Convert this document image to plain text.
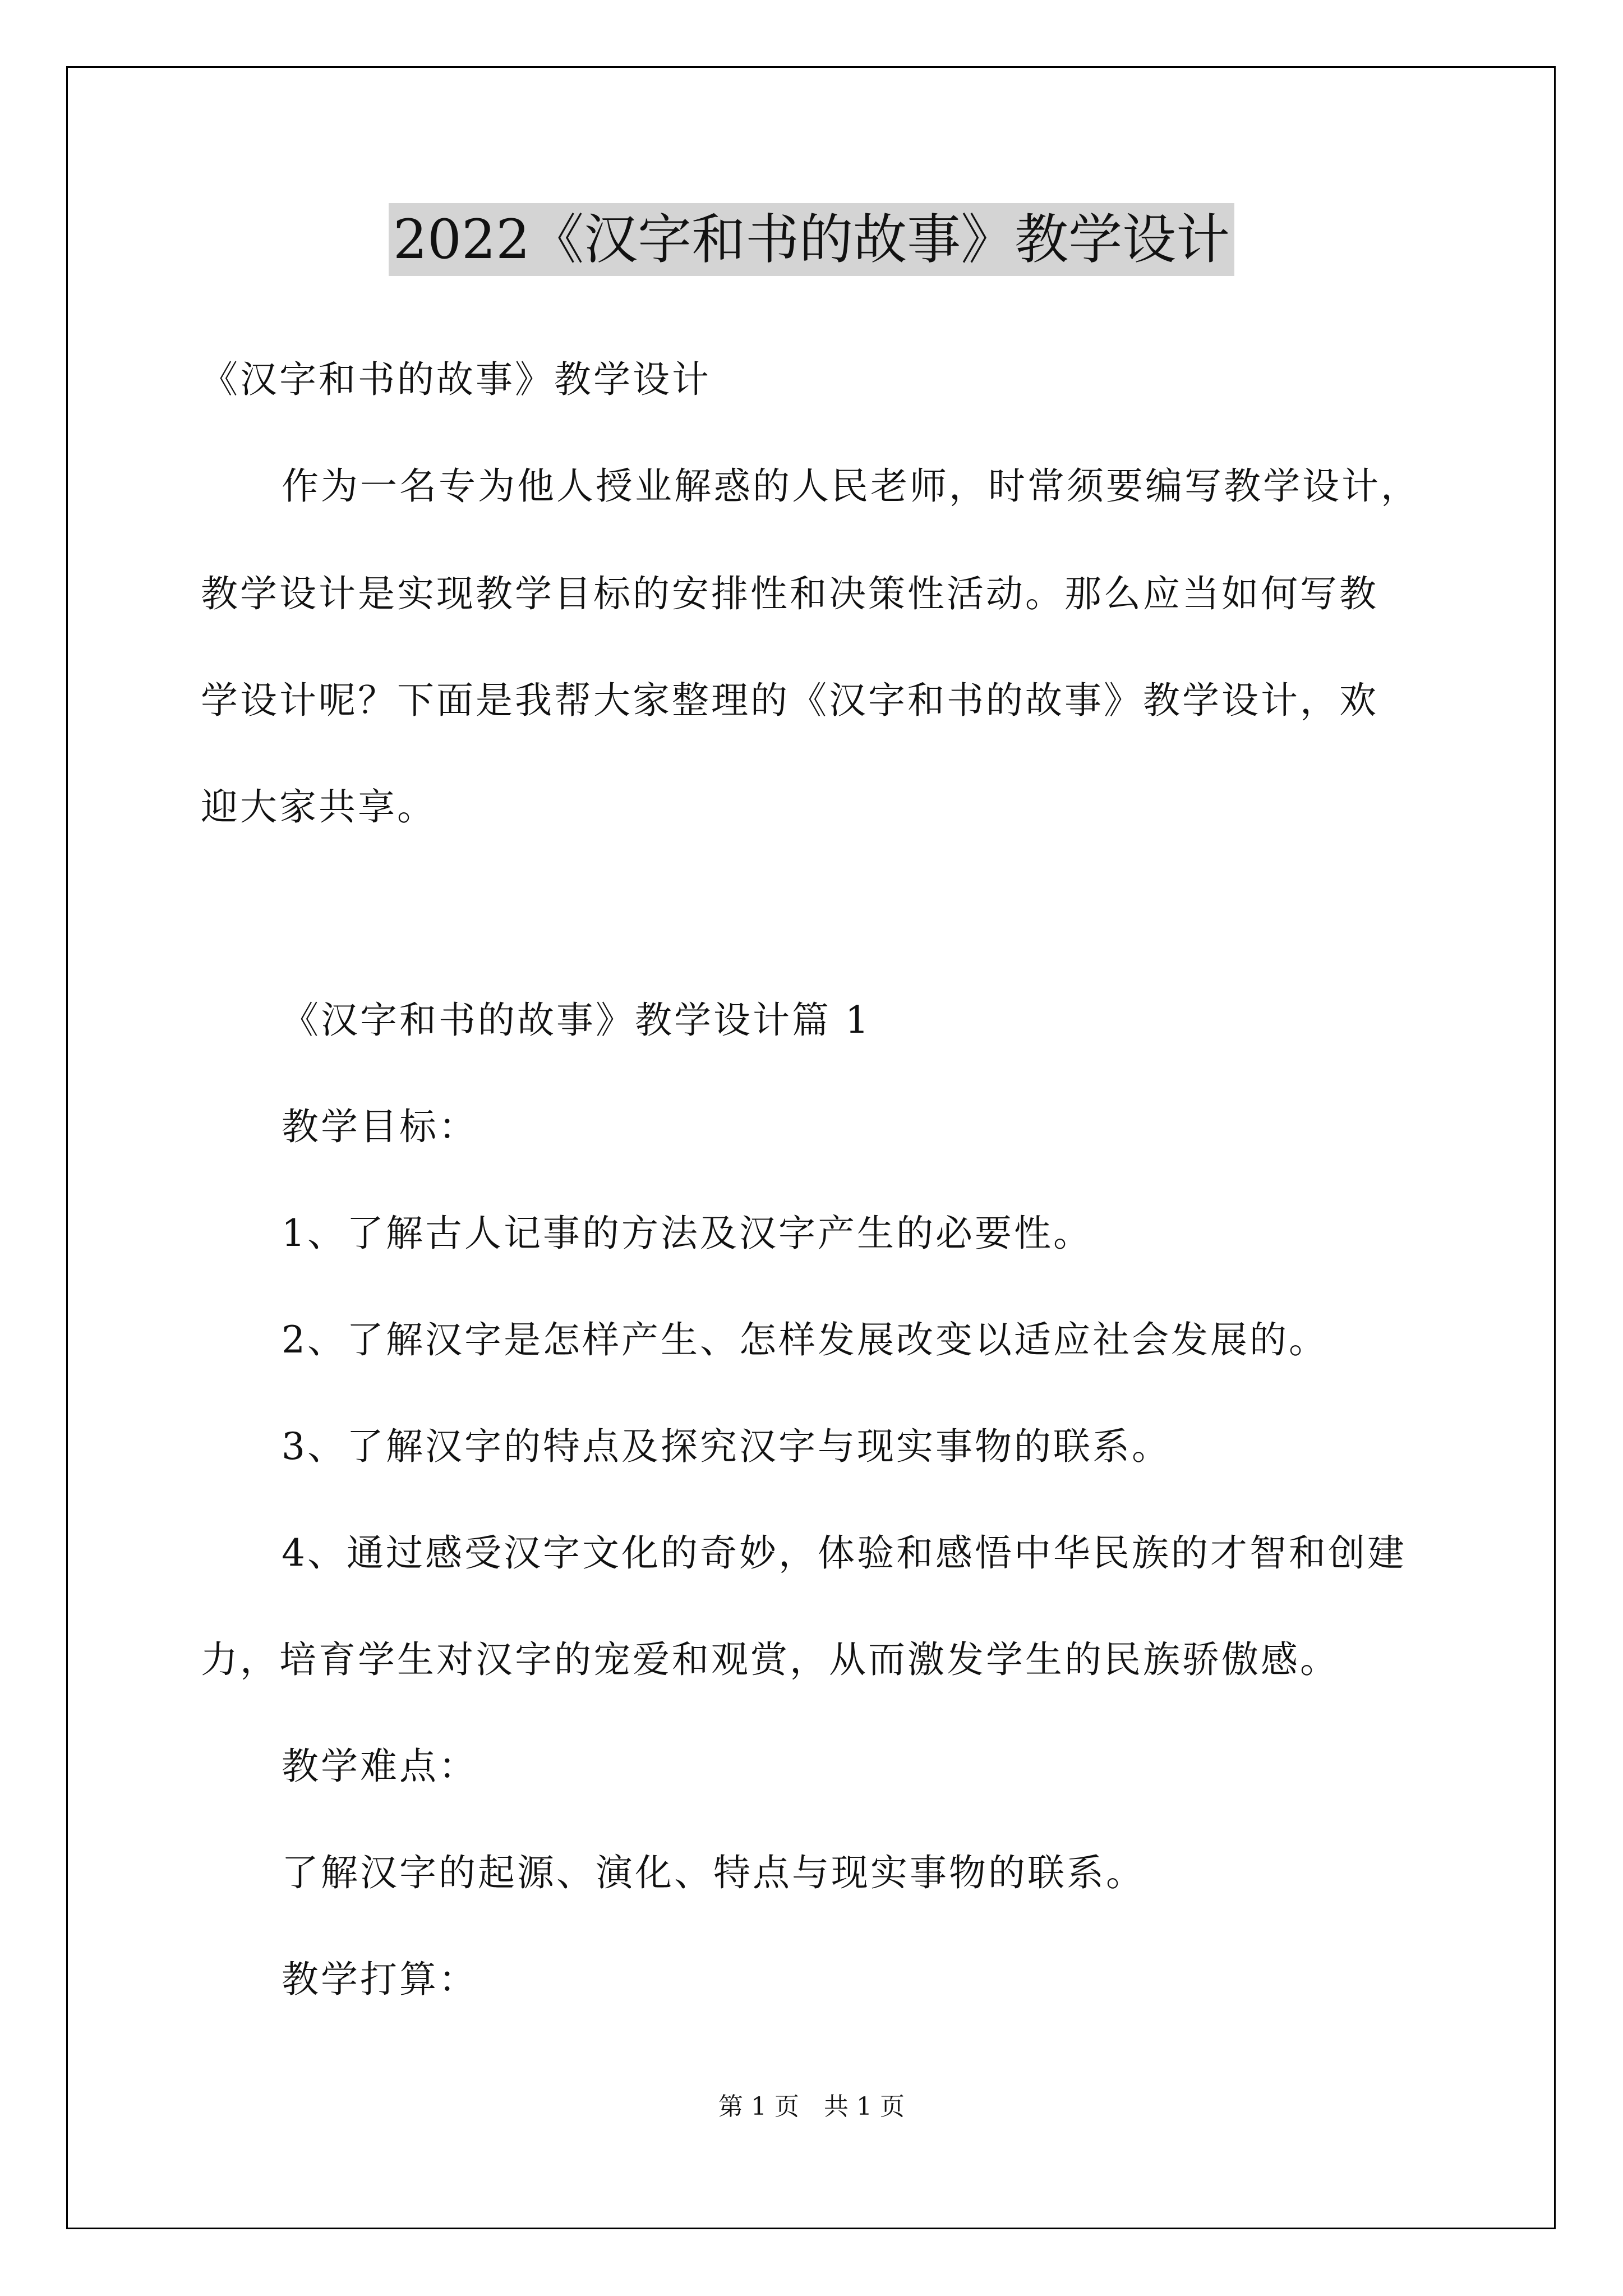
2022《汉字和书的故事》教学设计
《汉字和书的故事》教学设计
作为一名专为他人授业解惑的人民老师，时常须要编写教学设计，
教学设计是实现教学目标的安排性和决策性活动。那么应当如何写教
学设计呢？下面是我帮大家整理的《汉字和书的故事》教学设计，欢
迎大家共享。
《汉字和书的故事》教学设计篇 1
教学目标：
1、了解古人记事的方法及汉字产生的必要性。
2、了解汉字是怎样产生、怎样发展改变以适应社会发展的。
3、了解汉字的特点及探究汉字与现实事物的联系。
4、通过感受汉字文化的奇妙，体验和感悟中华民族的才智和创建
力，培育学生对汉字的宠爱和观赏，从而激发学生的民族骄傲感。
教学难点：
了解汉字的起源、演化、特点与现实事物的联系。
教学打算：
第 1 页　共 1 页
